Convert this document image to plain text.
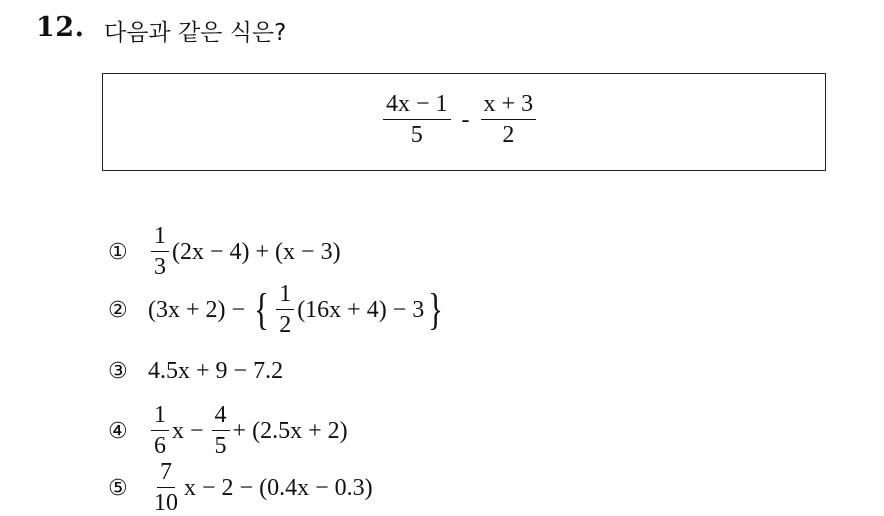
12. 다음과 같은 식은?
$\frac{4x - 1}{5} - \frac{x + 3}{2}$
① $\frac{1}{3} (2x - 4) + (x - 3)$
② (3x + 2) − { $\frac{1}{2} (16x + 4) - 3$ }
③ 4.5x + 9 − 7.2
④ $\frac{1}{6}$ $x - \frac{4}{5} + (2.5x + 2)$
⑤ $\frac{7}{10}$ x − 2 − (0.4x − 0.3)
